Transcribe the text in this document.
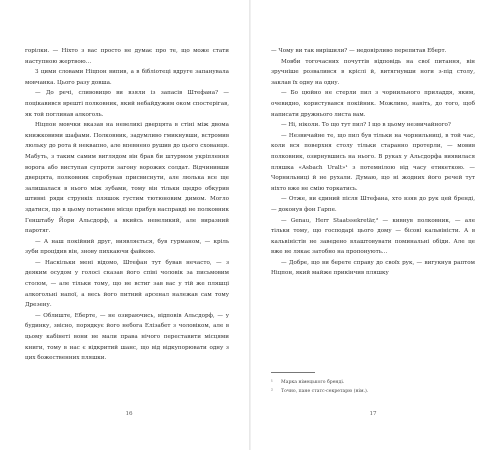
горілки. — Ніхто з вас просто не думає про те, що може стати наступною жертвою…

З цими словами Ніцпон випив, а в бібліотеці вдруге запанувала мовчанка. Цього разу довша.

— До речі, сливовицю ви взяли із запасів Штефана? — поцікавився врешті полковник, який небайдужим оком спостерігав, як той поглинав алкоголь.

Ніцпон мовчки вказав на невеликі дверцята в стіні між двома книжковими шафами. Полковник, задумливо гмикнувши, встромив люльку до рота й неквапно, але впевнено рушив до цього схованця. Мабуть, з таким самим виглядом він брав би штурмом укріплення ворога або виступав супроти загону ворожих солдат. Відчинивши дверцята, полковник спробував присвиснути, але люлька все ще залишалася в нього між зубами, тому він тільки щедро обкурив штивні ряди стрункіх пляшок густим тютюновим димом. Могло здатися, що в цьому потаємне місце прибув насправді не полковник Генштабу Йори Альсдорф, а якийсь невеликий, але виразний паротяг.

— А наш покійний друг, виявляється, був гурманом, — кріль зуби процідив він, знову пихкаючи файкою.

— Наскільки мені відомо, Штефан тут бував нечасто, — з деяким осудом у голосі сказав його співі чоловік за письмовим столом, — але тільки тому, що не встиг зав вас у тій же пляшці алкогольні напої, а весь його питний арсенал належав сам тому Дрезену.

— Облиште, Еберте, — не озираючись, відповів Альсдорф, — у будинку, звісно, порядкує його небога Елізабет з чоловіком, але в цьому кабінеті вони не мали права нічого переставити місцями книги, тому в нас є відкритий шанс, що від відкупорювати одну з цих божественних пляшки.

— Чому ви так вирішили? — недовірливо перепитав Еберт.

Мовби тогочасних почуттів відповідь на свої питання, він зручніше розвалився в кріслі й, витягнувши ноги з-під столу, заклав їх одну на одну.

— Бо цюйно не стерли пил з чорнильного приладдя, яким, очевидно, користувався покійник. Можливо, навіть, до того, щоб написати дружнього листа вам.

— Ні, ніколи. То що тут пил? І що в цьому незвичайного?

— Незвичайне те, що пил був тільки на чорнильниці, в той час, коли вся поверхня столу тільки старанно протерли, — мовив полковник, озирнувшись на нього. В руках у Альсдорфа виявилася пляшка «Asbach Uralt»¹ з потемнілою від часу етикеткою. — Чорнильниці й не рухали. Думаю, що ні жодних його речей тут ніхто вже не смію торкатись.

— Отже, ви єдиний після Штефана, хто взяв до рук цей бренді, — доконув фон Гарпе.

— Genau, Herr Staatssekretär,² — кивнув полковник, — але тільки тому, що господарі цього дому — бісові кальвіністи. А в кальвіністів не заведено влаштовувати поминальні обіди. Але це вже не лякає затобно на пропонують…

— Добре, що ви берете справу до своїх рук, — вигукнув раптом Ніцпон, який майже прикінчив пляшку

¹	Марка німецького бренді.
²	Точно, пане статс-секретарю (нім.).
16	17
